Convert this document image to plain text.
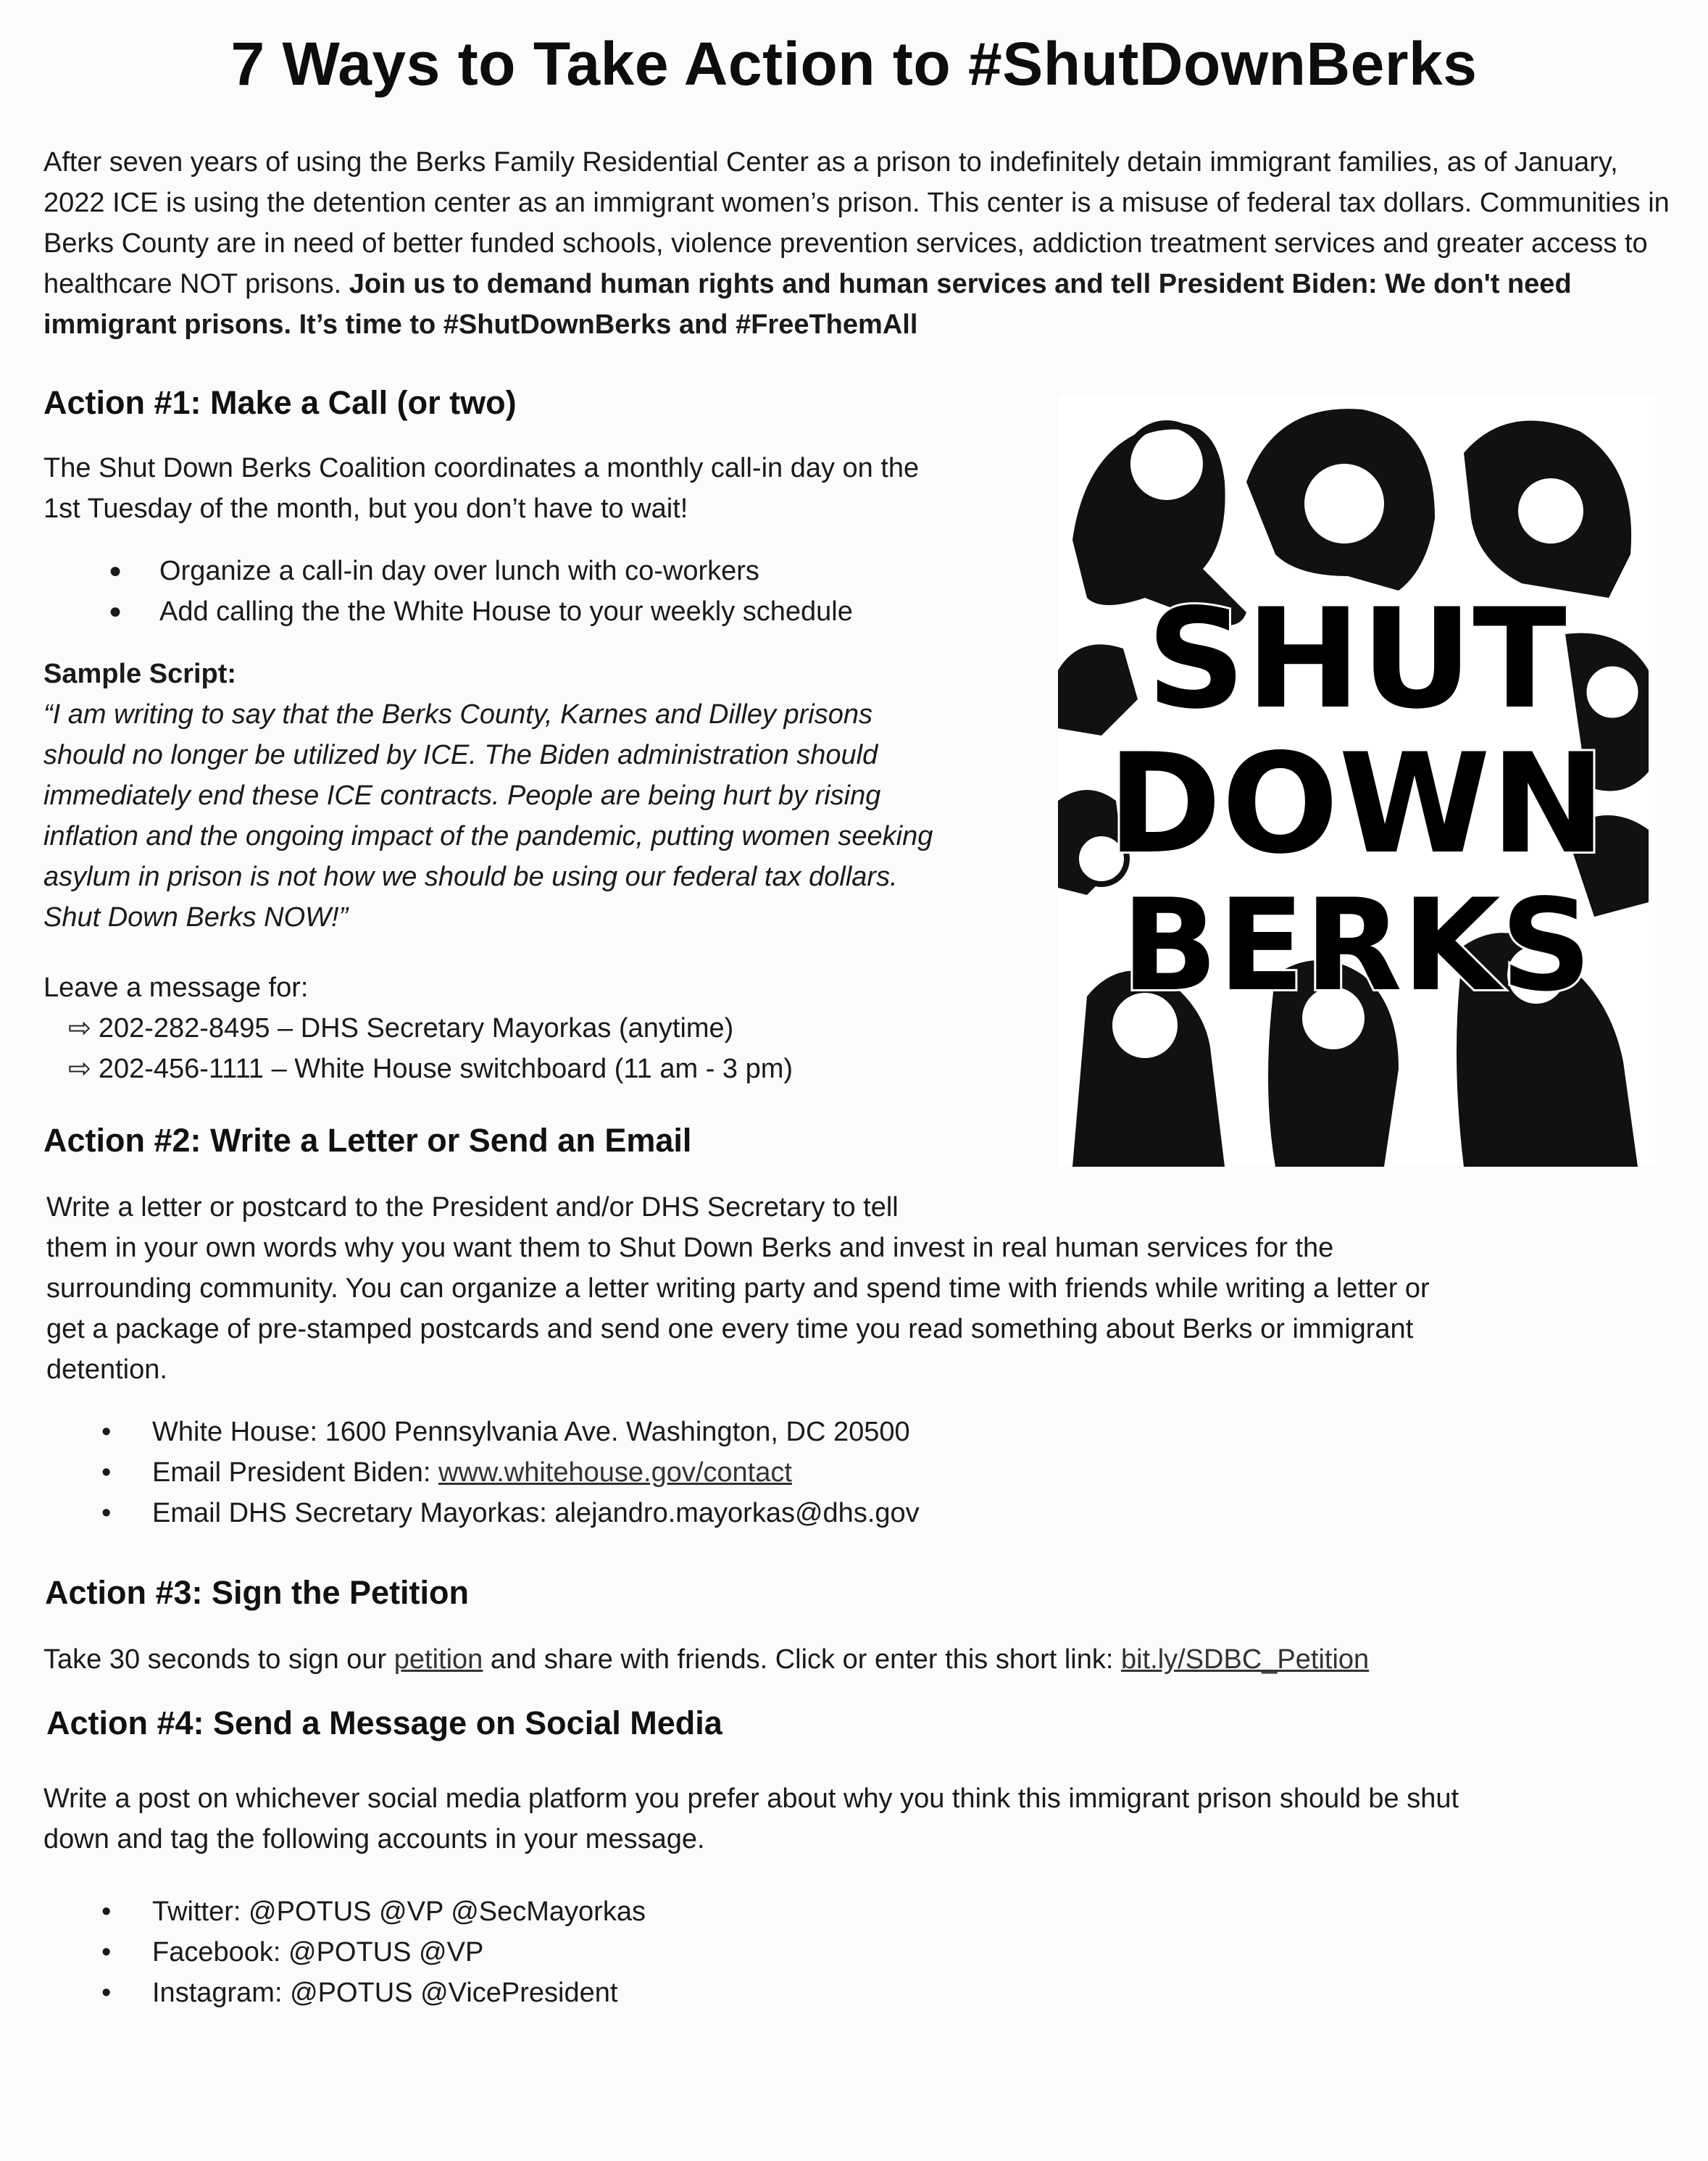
7 Ways to Take Action to #ShutDownBerks
After seven years of using the Berks Family Residential Center as a prison to indefinitely detain immigrant families, as of January, 2022 ICE is using the detention center as an immigrant women’s prison. This center is a misuse of federal tax dollars. Communities in Berks County are in need of better funded schools, violence prevention services, addiction treatment services and greater access to healthcare NOT prisons. Join us to demand human rights and human services and tell President Biden: We don't need immigrant prisons. It’s time to #ShutDownBerks and #FreeThemAll
Action #1: Make a Call (or two)
The Shut Down Berks Coalition coordinates a monthly call-in day on the
1st Tuesday of the month, but you don’t have to wait!
● Organize a call-in day over lunch with co-workers
● Add calling the the White House to your weekly schedule
Sample Script:
“I am writing to say that the Berks County, Karnes and Dilley prisons
should no longer be utilized by ICE. The Biden administration should
immediately end these ICE contracts. People are being hurt by rising
inflation and the ongoing impact of the pandemic, putting women seeking
asylum in prison is not how we should be using our federal tax dollars.
Shut Down Berks NOW!”
Leave a message for:
⇨ 202-282-8495 – DHS Secretary Mayorkas (anytime)
⇨ 202-456-1111 – White House switchboard (11 am - 3 pm)
SHUT
DOWN
BERKS
Action #2: Write a Letter or Send an Email
Write a letter or postcard to the President and/or DHS Secretary to tell
them in your own words why you want them to Shut Down Berks and invest in real human services for the
surrounding community. You can organize a letter writing party and spend time with friends while writing a letter or
get a package of pre-stamped postcards and send one every time you read something about Berks or immigrant
detention.
• White House: 1600 Pennsylvania Ave. Washington, DC 20500
• Email President Biden: www.whitehouse.gov/contact
• Email DHS Secretary Mayorkas: alejandro.mayorkas@dhs.gov
Action #3: Sign the Petition
Take 30 seconds to sign our petition and share with friends. Click or enter this short link: bit.ly/SDBC_Petition
Action #4: Send a Message on Social Media
Write a post on whichever social media platform you prefer about why you think this immigrant prison should be shut
down and tag the following accounts in your message.
• Twitter: @POTUS @VP @SecMayorkas
• Facebook: @POTUS @VP
• Instagram: @POTUS @VicePresident
